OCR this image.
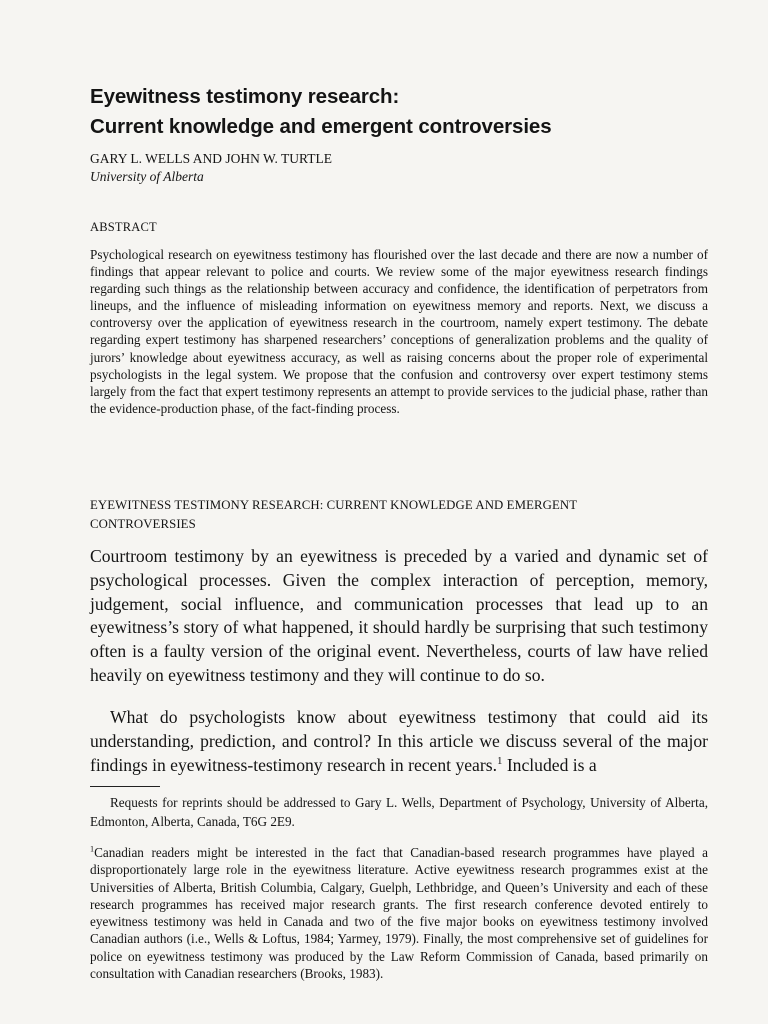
Eyewitness testimony research:
Current knowledge and emergent controversies
GARY L. WELLS AND JOHN W. TURTLE
University of Alberta
ABSTRACT

Psychological research on eyewitness testimony has flourished over the last decade and there are now a number of findings that appear relevant to police and courts. We review some of the major eyewitness research findings regarding such things as the relationship between accuracy and confidence, the identification of perpetrators from lineups, and the influence of misleading information on eyewitness memory and reports. Next, we discuss a controversy over the application of eyewitness research in the courtroom, namely expert testimony. The debate regarding expert testimony has sharpened researchers’ conceptions of generalization problems and the quality of jurors’ knowledge about eyewitness accuracy, as well as raising concerns about the proper role of experimental psychologists in the legal system. We propose that the confusion and controversy over expert testimony stems largely from the fact that expert testimony represents an attempt to provide services to the judicial phase, rather than the evidence-production phase, of the fact-finding process.

EYEWITNESS TESTIMONY RESEARCH: CURRENT KNOWLEDGE AND EMERGENT CONTROVERSIES

Courtroom testimony by an eyewitness is preceded by a varied and dynamic set of psychological processes. Given the complex interaction of perception, memory, judgement, social influence, and communication processes that lead up to an eyewitness’s story of what happened, it should hardly be surprising that such testimony often is a faulty version of the original event. Nevertheless, courts of law have relied heavily on eyewitness testimony and they will continue to do so.

What do psychologists know about eyewitness testimony that could aid its understanding, prediction, and control? In this article we discuss several of the major findings in eyewitness-testimony research in recent years.$^1$ Included is a

Requests for reprints should be addressed to Gary L. Wells, Department of Psychology, University of Alberta, Edmonton, Alberta, Canada, T6G 2E9.

$^1$Canadian readers might be interested in the fact that Canadian-based research programmes have played a disproportionately large role in the eyewitness literature. Active eyewitness research programmes exist at the Universities of Alberta, British Columbia, Calgary, Guelph, Lethbridge, and Queen’s University and each of these research programmes has received major research grants. The first research conference devoted entirely to eyewitness testimony was held in Canada and two of the five major books on eyewitness testimony involved Canadian authors (i.e., Wells & Loftus, 1984; Yarmey, 1979). Finally, the most comprehensive set of guidelines for police on eyewitness testimony was produced by the Law Reform Commission of Canada, based primarily on consultation with Canadian researchers (Brooks, 1983).
